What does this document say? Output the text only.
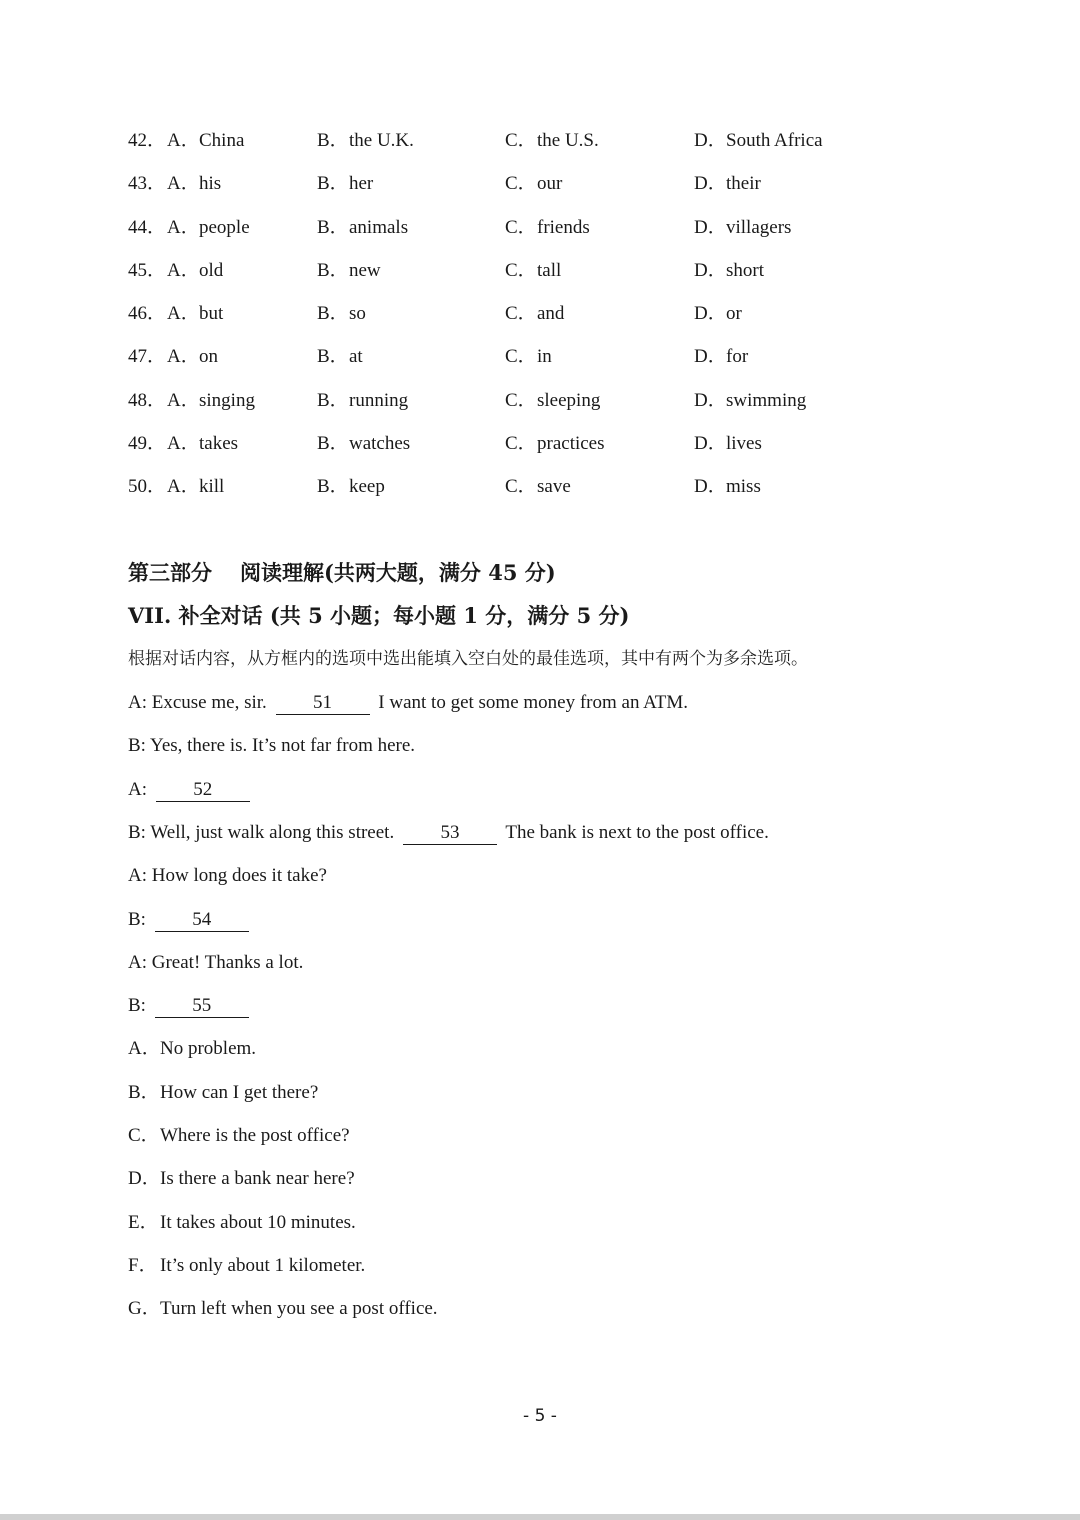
42． A．China	B．the U.K.	C．the U.S.	D．South Africa
43． A．his	B．her	C．our	D．their
44． A．people	B．animals	C．friends	D．villagers
45． A．old	B．new	C．tall	D．short
46． A．but	B．so	C．and	D．or
47． A．on	B．at	C．in	D．for
48． A．singing	B．running	C．sleeping	D．swimming
49． A．takes	B．watches	C．practices	D．lives
50． A．kill	B．keep	C．save	D．miss
第三部分 阅读理解(共两大题，满分 45 分)
VII. 补全对话 (共 5 小题；每小题 1 分，满分 5 分)
根据对话内容，从方框内的选项中选出能填入空白处的最佳选项，其中有两个为多余选项。
A: Excuse me, sir. 51 I want to get some money from an ATM.
B: Yes, there is. It’s not far from here.
A: 52
B: Well, just walk along this street. 53 The bank is next to the post office.
A: How long does it take?
B: 54
A: Great! Thanks a lot.
B: 55
A．No problem.
B．How can I get there?
C．Where is the post office?
D．Is there a bank near here?
E．It takes about 10 minutes.
F． It’s only about 1 kilometer.
G．Turn left when you see a post office.
- 5 -
